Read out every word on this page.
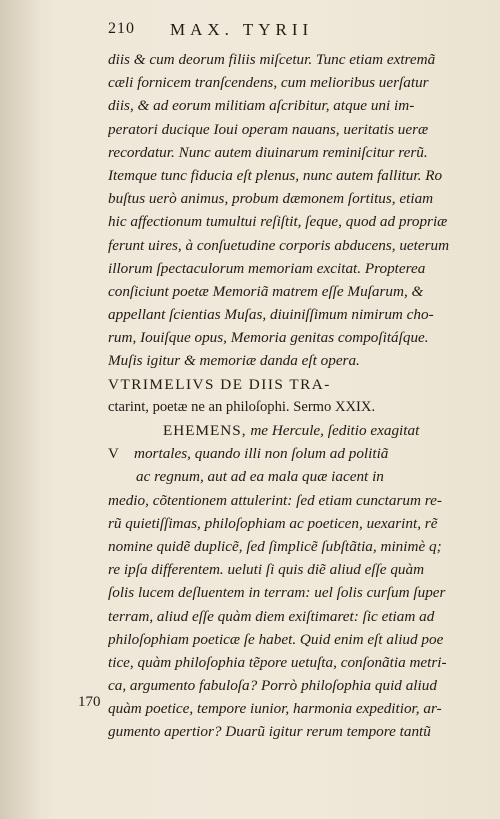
210 MAX. TYRII
diis & cum deorum filiis miſcetur. Tunc etiam extremã
cæli fornicem tranſcendens, cum melioribus uerſatur
diis, & ad eorum militiam aſcribitur, atque uni im-
peratori ducique Ioui operam nauans, ueritatis ueræ
recordatur. Nunc autem diuinarum reminiſcitur rerũ.
Itemque tunc fiducia eſt plenus, nunc autem fallitur. Ro
buſtus uerò animus, probum dæmonem ſortitus, etiam
hic affectionum tumultui reſiſtit, ſeque, quod ad propriæ
ferunt uires, à conſuetudine corporis abducens, ueterum
illorum ſpectaculorum memoriam excitat. Propterea
conſiciunt poetæ Memoriã matrem eſſe Muſarum, &
appellant ſcientias Muſas, diuiniſſimum nimirum cho-
rum, Iouiſque opus, Memoria genitas compoſitáſque.
Muſis igitur & memoriæ danda eſt opera.
VTRIMELIVS DE DIIS TRA-
ctarint, poetæ ne an philoſophi. Sermo XXIX.
EHEMENS, me Hercule, ſeditio exagitat
V mortales, quando illi non ſolum ad politiã
ac regnum, aut ad ea mala quæ iacent in
medio, cõtentionem attulerint: ſed etiam cunctarum re-
rũ quietiſſimas, philoſophiam ac poeticen, uexarint, rẽ
nomine quidẽ duplicẽ, ſed ſimplicẽ ſubſtãtia, minimè q;
re ipſa differentem. ueluti ſi quis diẽ aliud eſſe quàm
ſolis lucem deſluentem in terram: uel ſolis curſum ſuper
terram, aliud eſſe quàm diem exiſtimaret: ſic etiam ad
philoſophiam poeticæ ſe habet. Quid enim eſt aliud poe
tice, quàm philoſophia tẽpore uetuſta, conſonãtia metri-
ca, argumento fabuloſa? Porrò philoſophia quid aliud
quàm poetice, tempore iunior, harmonia expeditior, ar-
gumento apertior? Duarũ igitur rerum tempore tantũ
170
